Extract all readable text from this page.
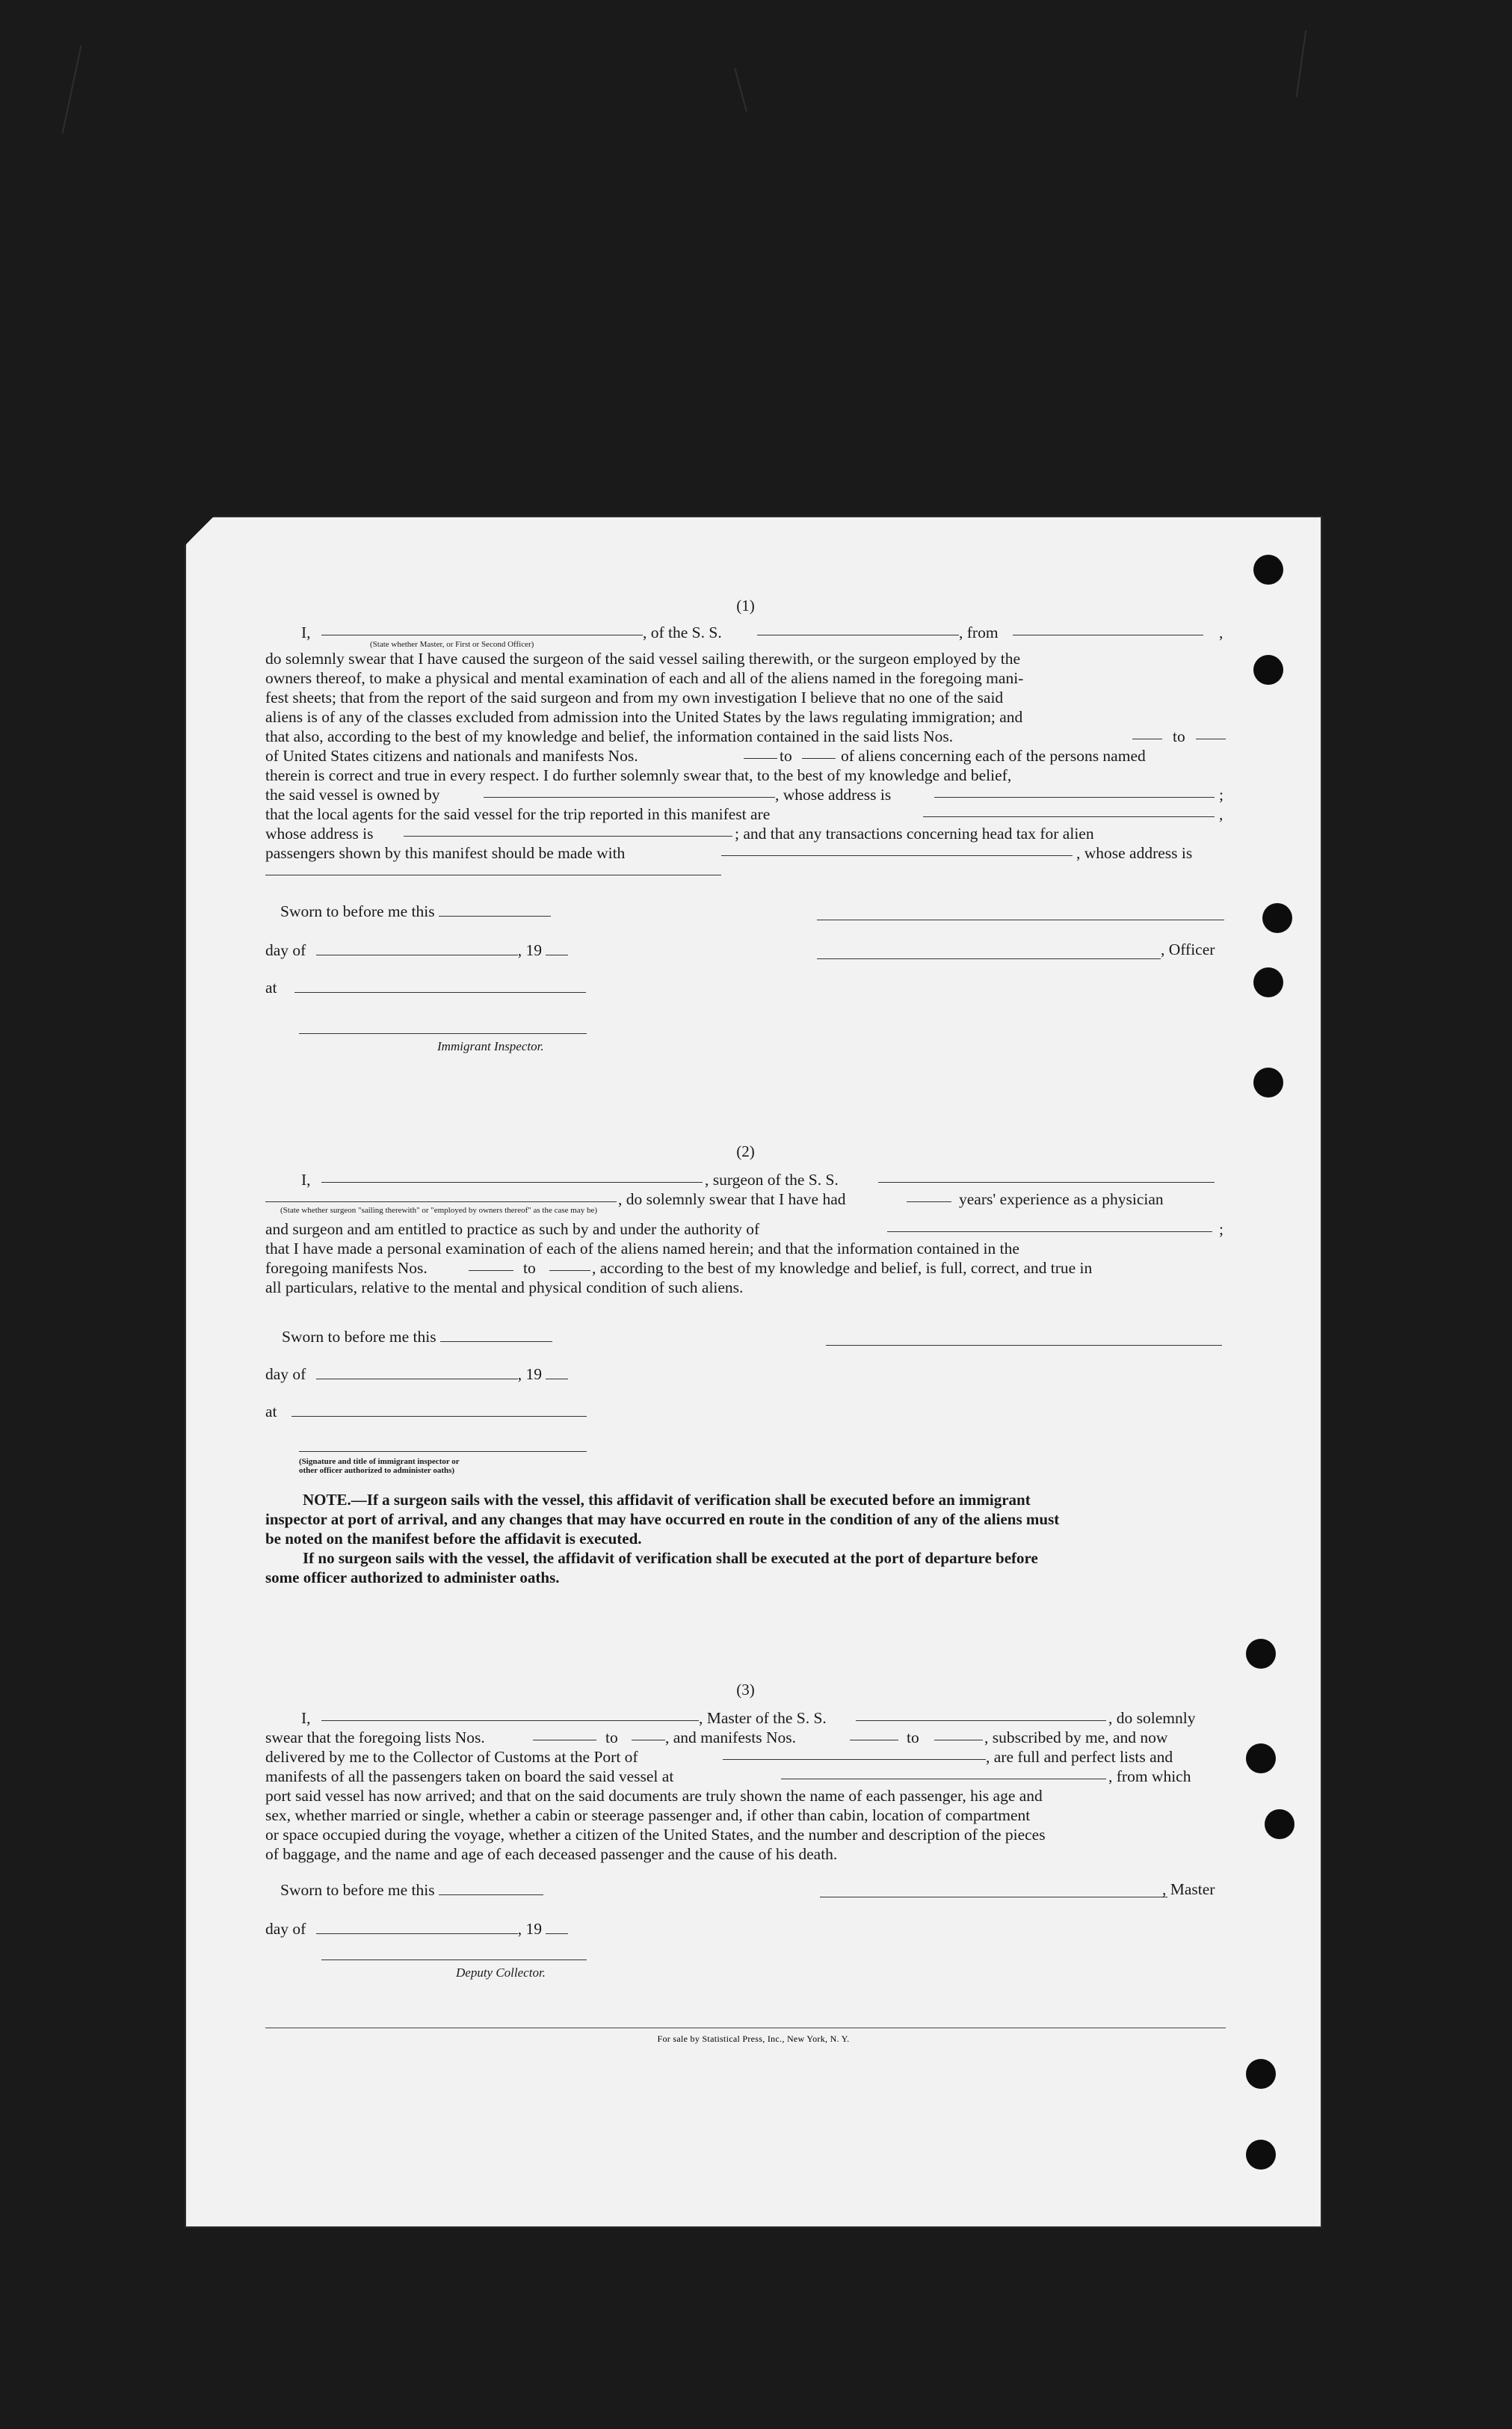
(1)
I,	, of the S. S.	, from	,
(State whether Master, or First or Second Officer)
do solemnly swear that I have caused the surgeon of the said vessel sailing therewith, or the surgeon employed by the
owners thereof, to make a physical and mental examination of each and all of the aliens named in the foregoing mani-
fest sheets; that from the report of the said surgeon and from my own investigation I believe that no one of the said
aliens is of any of the classes excluded from admission into the United States by the laws regulating immigration; and
that also, according to the best of my knowledge and belief, the information contained in the said lists Nos.	to
of United States citizens and nationals and manifests Nos.	to	of aliens concerning each of the persons named
therein is correct and true in every respect. I do further solemnly swear that, to the best of my knowledge and belief,
the said vessel is owned by	, whose address is	;
that the local agents for the said vessel for the trip reported in this manifest are	,
whose address is	; and that any transactions concerning head tax for alien
passengers shown by this manifest should be made with	, whose address is
Sworn to before me this
day of	, 19	, Officer
at
Immigrant Inspector.
(2)
I,	, surgeon of the S. S.
, do solemnly swear that I have had	years' experience as a physician
(State whether surgeon "sailing therewith" or "employed by owners thereof" as the case may be)
and surgeon and am entitled to practice as such by and under the authority of	;
that I have made a personal examination of each of the aliens named herein; and that the information contained in the
foregoing manifests Nos.	to	, according to the best of my knowledge and belief, is full, correct, and true in
all particulars, relative to the mental and physical condition of such aliens.
Sworn to before me this
day of	, 19
at
(Signature and title of immigrant inspector or
other officer authorized to administer oaths)
NOTE.—If a surgeon sails with the vessel, this affidavit of verification shall be executed before an immigrant
inspector at port of arrival, and any changes that may have occurred en route in the condition of any of the aliens must
be noted on the manifest before the affidavit is executed.
If no surgeon sails with the vessel, the affidavit of verification shall be executed at the port of departure before
some officer authorized to administer oaths.
(3)
I,	, Master of the S. S.	, do solemnly
swear that the foregoing lists Nos.	to	, and manifests Nos.	to	, subscribed by me, and now
delivered by me to the Collector of Customs at the Port of	, are full and perfect lists and
manifests of all the passengers taken on board the said vessel at	, from which
port said vessel has now arrived; and that on the said documents are truly shown the name of each passenger, his age and
sex, whether married or single, whether a cabin or steerage passenger and, if other than cabin, location of compartment
or space occupied during the voyage, whether a citizen of the United States, and the number and description of the pieces
of baggage, and the name and age of each deceased passenger and the cause of his death.
Sworn to before me this	, Master
day of	, 19
Deputy Collector.
For sale by Statistical Press, Inc., New York, N. Y.
